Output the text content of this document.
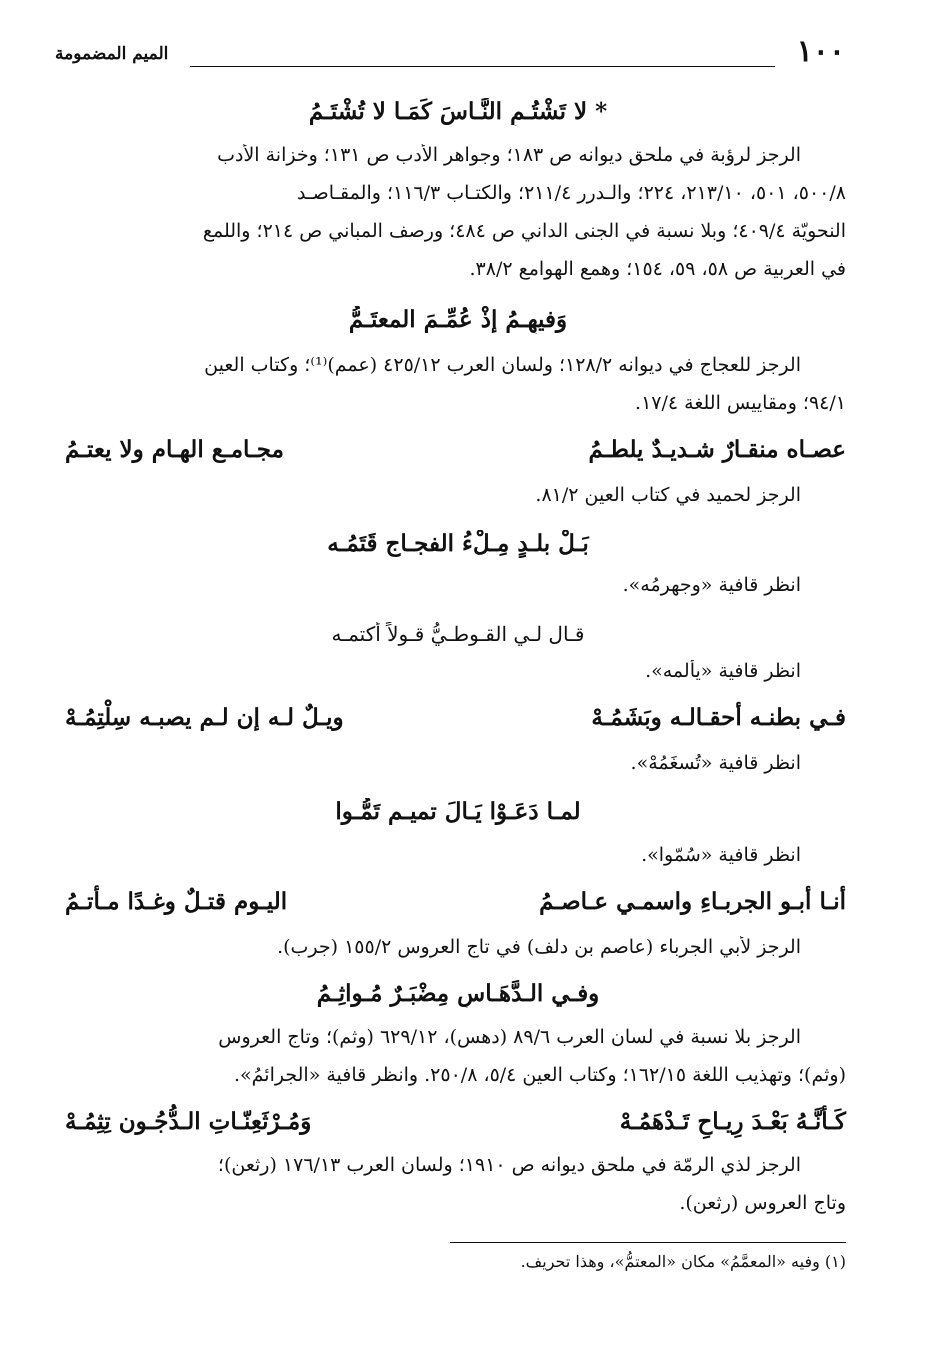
١٠٠
الميم المضمومة
* لا تَشْتُـمِ النَّـاسَ كَمَـا لا تُشْتَـمُ
الرجز لرؤبة في ملحق ديوانه ص ١٨٣؛ وجواهر الأدب ص ١٣١؛ وخزانة الأدب
٥٠٠/٨، ٥٠١، ٢١٣/١٠، ٢٢٤؛ والـدرر ٢١١/٤؛ والكتـاب ١١٦/٣؛ والمقـاصـد
النحويّة ٤٠٩/٤؛ وبلا نسبة في الجنى الداني ص ٤٨٤؛ ورصف المباني ص ٢١٤؛ واللمع
في العربية ص ٥٨، ٥٩، ١٥٤؛ وهمع الهوامع ٣٨/٢.
وَفيهِـمُ إذْ عُمِّـمَ المعتَـمُّ
الرجز للعجاج في ديوانه ١٢٨/٢؛ ولسان العرب ٤٢٥/١٢ (عمم)⁽¹⁾؛ وكتاب العين
٩٤/١؛ ومقاييس اللغة ١٧/٤.
عصـاه منقـارٌ شـديـدٌ يلطـمُ
مجـامـع الهـام ولا يعتـمُ
الرجز لحميد في كتاب العين ٨١/٢.
بَـلْ بلـدٍ مِـلْءُ الفجـاج قَتَمُـه
انظر قافية «وجهرمُه».
قـال لـي القـوطـيُّ قـولاً أكتمـه
انظر قافية «يألمه».
فـي بطنـه أحقـالـه وبَشَمُـهْ
ويـلٌ لـه إن لـم يصبـه سِلْتِمُـهْ
انظر قافية «تُسغَمُهْ».
لمـا دَعَـوْا يَـالَ تميـم تَمُّـوا
انظر قافية «سُمّوا».
أنـا أبـو الجربـاءِ واسمـي عـاصـمُ
اليـوم قتـلٌ وغـدًا مـأتـمُ
الرجز لأبي الجرباء (عاصم بن دلف) في تاج العروس ١٥٥/٢ (جرب).
وفـي الـدَّهَـاسِ مِضْبَـرٌ مُـواثِـمُ
الرجز بلا نسبة في لسان العرب ٨٩/٦ (دهس)، ٦٢٩/١٢ (وثم)؛ وتاج العروس
(وثم)؛ وتهذيب اللغة ١٦٢/١٥؛ وكتاب العين ٥/٤، ٢٥٠/٨. وانظر قافية «الجرائمُ».
كَـأنَّـهُ بَعْـدَ رِيـاحِ تَـدْهَمُـهْ
وَمُـرْثَعِنّـاتِ الـدُّجُـون تِثِمُـهْ
الرجز لذي الرمّة في ملحق ديوانه ص ١٩١٠؛ ولسان العرب ١٧٦/١٣ (رثعن)؛
وتاج العروس (رثعن).
(١) وفيه «المعمَّمُ» مكان «المعتمُّ»، وهذا تحريف.
